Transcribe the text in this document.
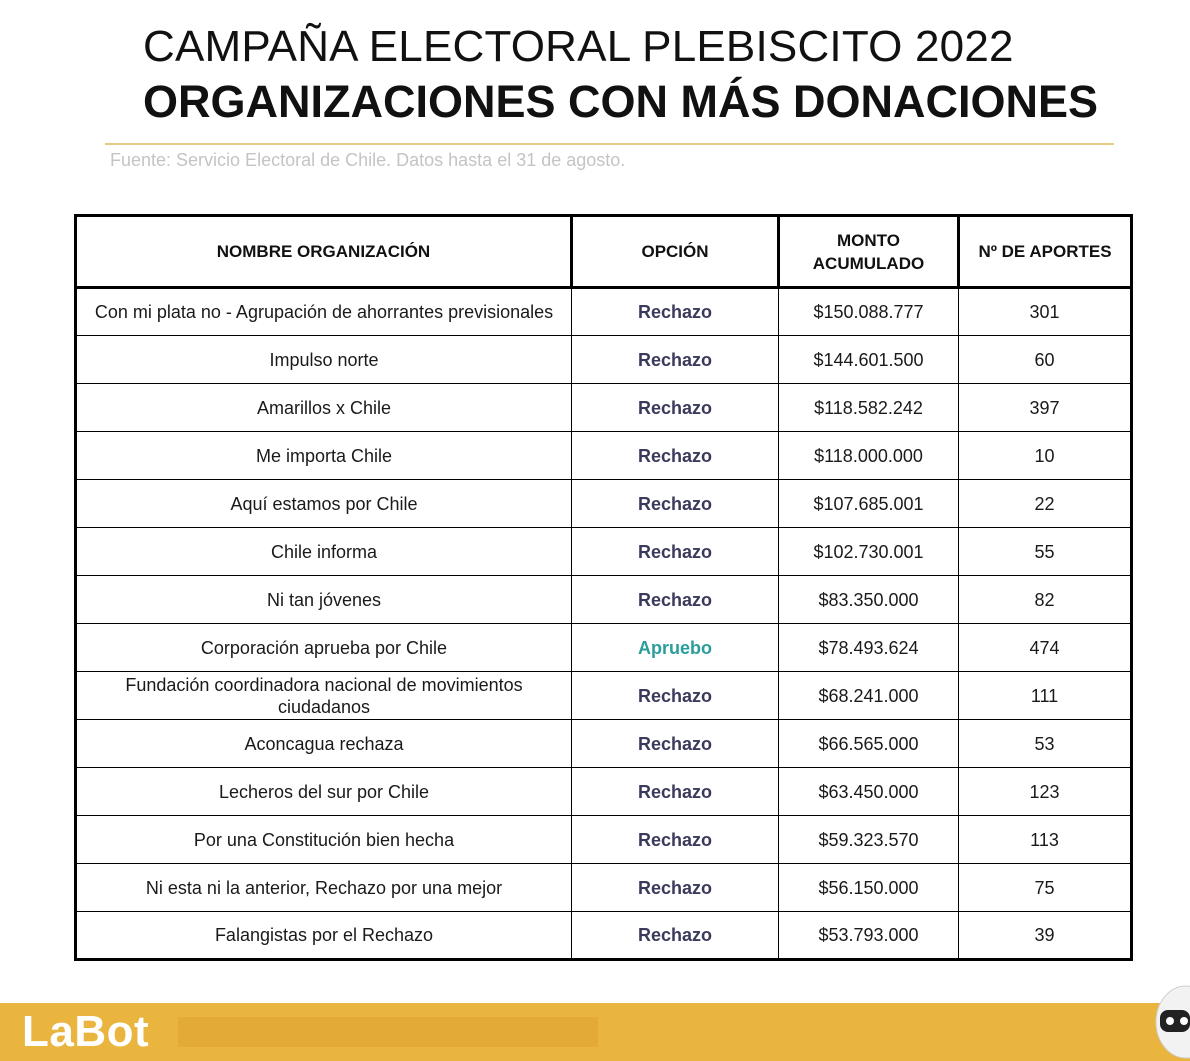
CAMPAÑA ELECTORAL PLEBISCITO 2022
ORGANIZACIONES CON MÁS DONACIONES
Fuente: Servicio Electoral de Chile. Datos hasta el 31 de agosto.
NOMBRE ORGANIZACIÓN	OPCIÓN	MONTO ACUMULADO	Nº DE APORTES
Con mi plata no - Agrupación de ahorrantes previsionales	Rechazo	$150.088.777	301
Impulso norte	Rechazo	$144.601.500	60
Amarillos x Chile	Rechazo	$118.582.242	397
Me importa Chile	Rechazo	$118.000.000	10
Aquí estamos por Chile	Rechazo	$107.685.001	22
Chile informa	Rechazo	$102.730.001	55
Ni tan jóvenes	Rechazo	$83.350.000	82
Corporación aprueba por Chile	Apruebo	$78.493.624	474
Fundación coordinadora nacional de movimientos ciudadanos	Rechazo	$68.241.000	111
Aconcagua rechaza	Rechazo	$66.565.000	53
Lecheros del sur por Chile	Rechazo	$63.450.000	123
Por una Constitución bien hecha	Rechazo	$59.323.570	113
Ni esta ni la anterior, Rechazo por una mejor	Rechazo	$56.150.000	75
Falangistas por el Rechazo	Rechazo	$53.793.000	39
LaBot
